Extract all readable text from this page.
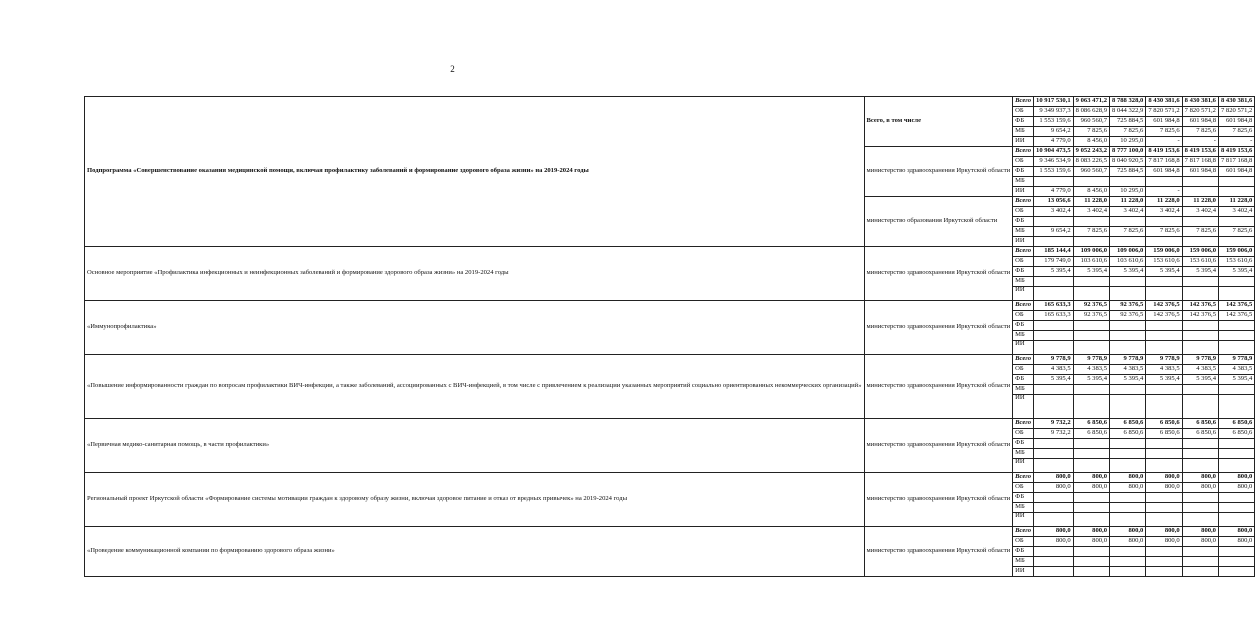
2
Подпрограмма «Совершенствование оказания медицинской помощи, включая профилактику заболеваний и формирование здорового образа жизни» на 2019-2024 годы	Всего, в том числе	Всего	10 917 530,1	9 063 471,2	8 788 328,0	8 430 381,6	8 430 381,6	8 430 381,6
		ОБ	9 349 937,3	8 086 628,9	8 044 322,9	7 820 571,2	7 820 571,2	7 820 571,2
		ФБ	1 553 159,6	960 560,7	725 884,5	601 984,8	601 984,8	601 984,8
		МБ	9 654,2	7 825,6	7 825,6	7 825,6	7 825,6	7 825,6
		ИИ	4 779,0	8 456,0	10 295,0	-	-	-
	министерство здравоохранения Иркутской области	Всего	10 904 473,5	9 052 243,2	8 777 100,0	8 419 153,6	8 419 153,6	8 419 153,6
		ОБ	9 346 534,9	8 083 226,5	8 040 920,5	7 817 168,8	7 817 168,8	7 817 168,8
		ФБ	1 553 159,6	960 560,7	725 884,5	601 984,8	601 984,8	601 984,8
		МБ						
		ИИ	4 779,0	8 456,0	10 295,0	-		
	министерство образования Иркутской области	Всего	13 056,6	11 228,0	11 228,0	11 228,0	11 228,0	11 228,0
		ОБ	3 402,4	3 402,4	3 402,4	3 402,4	3 402,4	3 402,4
		ФБ						
		МБ	9 654,2	7 825,6	7 825,6	7 825,6	7 825,6	7 825,6
		ИИ						
Основное мероприятие «Профилактика инфекционных и неинфекционных заболеваний и формирование здорового образа жизни» на 2019-2024 годы	министерство здравоохранения Иркутской области	Всего	185 144,4	109 006,0	109 006,0	159 006,0	159 006,0	159 006,0
		ОБ	179 749,0	103 610,6	103 610,6	153 610,6	153 610,6	153 610,6
		ФБ	5 395,4	5 395,4	5 395,4	5 395,4	5 395,4	5 395,4
		МБ						
		ИИ						
«Иммунопрофилактика»	министерство здравоохранения Иркутской области	Всего	165 633,3	92 376,5	92 376,5	142 376,5	142 376,5	142 376,5
		ОБ	165 633,3	92 376,5	92 376,5	142 376,5	142 376,5	142 376,5
		ФБ						
		МБ						
		ИИ						
«Повышение информированности граждан по вопросам профилактики ВИЧ-инфекции, а также заболеваний, ассоциированных с ВИЧ-инфекцией, в том числе с привлечением к реализации указанных мероприятий социально ориентированных некоммерческих организаций»	министерство здравоохранения Иркутской области	Всего	9 778,9	9 778,9	9 778,9	9 778,9	9 778,9	9 778,9
		ОБ	4 383,5	4 383,5	4 383,5	4 383,5	4 383,5	4 383,5
		ФБ	5 395,4	5 395,4	5 395,4	5 395,4	5 395,4	5 395,4
		МБ						
		ИИ						
«Первичная медико-санитарная помощь, в части профилактики»	министерство здравоохранения Иркутской области	Всего	9 732,2	6 850,6	6 850,6	6 850,6	6 850,6	6 850,6
		ОБ	9 732,2	6 850,6	6 850,6	6 850,6	6 850,6	6 850,6
		ФБ						
		МБ						
		ИИ						
Региональный проект Иркутской области «Формирование системы мотивации граждан к здоровому образу жизни, включая здоровое питание и отказ от вредных привычек» на 2019-2024 годы	министерство здравоохранения Иркутской области	Всего	800,0	800,0	800,0	800,0	800,0	800,0
		ОБ	800,0	800,0	800,0	800,0	800,0	800,0
		ФБ						
		МБ						
		ИИ						
«Проведение коммуникационной компании по формированию здорового образа жизни»	министерство здравоохранения Иркутской области	Всего	800,0	800,0	800,0	800,0	800,0	800,0
		ОБ	800,0	800,0	800,0	800,0	800,0	800,0
		ФБ						
		МБ						
		ИИ						
